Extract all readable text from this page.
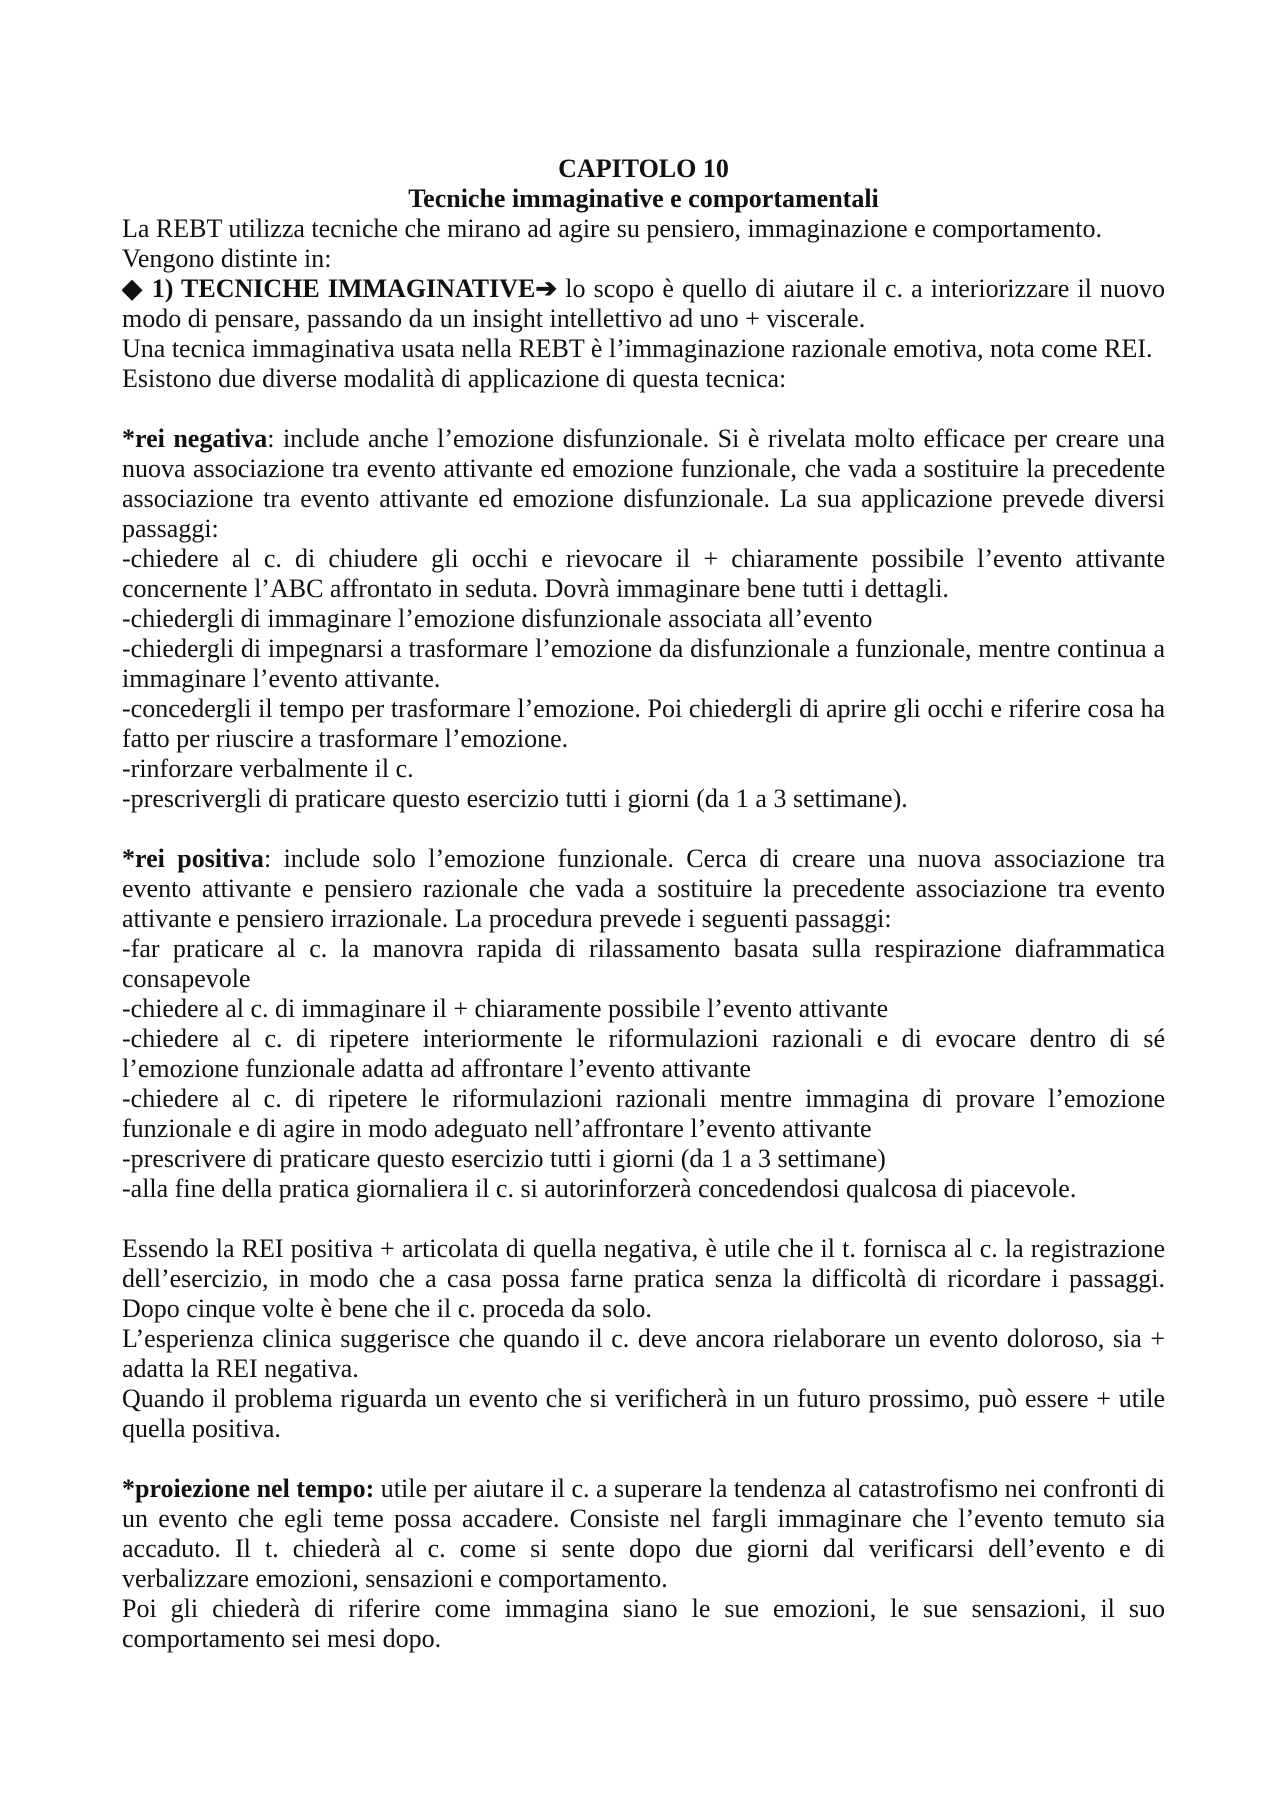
CAPITOLO 10
Tecniche immaginative e comportamentali
La REBT utilizza tecniche che mirano ad agire su pensiero, immaginazione e comportamento.
Vengono distinte in:
◆ 1) TECNICHE IMMAGINATIVE➔ lo scopo è quello di aiutare il c. a interiorizzare il nuovo
modo di pensare, passando da un insight intellettivo ad uno + viscerale.
Una tecnica immaginativa usata nella REBT è l’immaginazione razionale emotiva, nota come REI.
Esistono due diverse modalità di applicazione di questa tecnica:
*rei negativa: include anche l’emozione disfunzionale. Si è rivelata molto efficace per creare una
nuova associazione tra evento attivante ed emozione funzionale, che vada a sostituire la precedente
associazione tra evento attivante ed emozione disfunzionale. La sua applicazione prevede diversi
passaggi:
-chiedere al c. di chiudere gli occhi e rievocare il + chiaramente possibile l’evento attivante
concernente l’ABC affrontato in seduta. Dovrà immaginare bene tutti i dettagli.
-chiedergli di immaginare l’emozione disfunzionale associata all’evento
-chiedergli di impegnarsi a trasformare l’emozione da disfunzionale a funzionale, mentre continua a
immaginare l’evento attivante.
-concedergli il tempo per trasformare l’emozione. Poi chiedergli di aprire gli occhi e riferire cosa ha
fatto per riuscire a trasformare l’emozione.
-rinforzare verbalmente il c.
-prescrivergli di praticare questo esercizio tutti i giorni (da 1 a 3 settimane).
*rei positiva: include solo l’emozione funzionale. Cerca di creare una nuova associazione tra
evento attivante e pensiero razionale che vada a sostituire la precedente associazione tra evento
attivante e pensiero irrazionale. La procedura prevede i seguenti passaggi:
-far praticare al c. la manovra rapida di rilassamento basata sulla respirazione diaframmatica
consapevole
-chiedere al c. di immaginare il + chiaramente possibile l’evento attivante
-chiedere al c. di ripetere interiormente le riformulazioni razionali e di evocare dentro di sé
l’emozione funzionale adatta ad affrontare l’evento attivante
-chiedere al c. di ripetere le riformulazioni razionali mentre immagina di provare l’emozione
funzionale e di agire in modo adeguato nell’affrontare l’evento attivante
-prescrivere di praticare questo esercizio tutti i giorni (da 1 a 3 settimane)
-alla fine della pratica giornaliera il c. si autorinforzerà concedendosi qualcosa di piacevole.
Essendo la REI positiva + articolata di quella negativa, è utile che il t. fornisca al c. la registrazione
dell’esercizio, in modo che a casa possa farne pratica senza la difficoltà di ricordare i passaggi.
Dopo cinque volte è bene che il c. proceda da solo.
L’esperienza clinica suggerisce che quando il c. deve ancora rielaborare un evento doloroso, sia +
adatta la REI negativa.
Quando il problema riguarda un evento che si verificherà in un futuro prossimo, può essere + utile
quella positiva.
*proiezione nel tempo: utile per aiutare il c. a superare la tendenza al catastrofismo nei confronti di
un evento che egli teme possa accadere. Consiste nel fargli immaginare che l’evento temuto sia
accaduto. Il t. chiederà al c. come si sente dopo due giorni dal verificarsi dell’evento e di
verbalizzare emozioni, sensazioni e comportamento.
Poi gli chiederà di riferire come immagina siano le sue emozioni, le sue sensazioni, il suo
comportamento sei mesi dopo.
